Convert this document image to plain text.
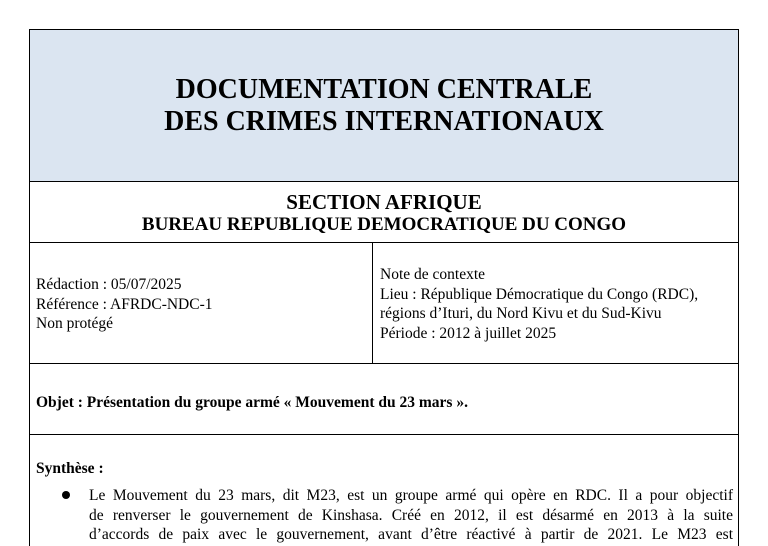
DOCUMENTATION CENTRALE
DES CRIMES INTERNATIONAUX
SECTION AFRIQUE
BUREAU REPUBLIQUE DEMOCRATIQUE DU CONGO
Rédaction : 05/07/2025
Référence : AFRDC-NDC-1
Non protégé
Note de contexte
Lieu : République Démocratique du Congo (RDC),
régions d’Ituri, du Nord Kivu et du Sud-Kivu
Période : 2012 à juillet 2025
Objet : Présentation du groupe armé « Mouvement du 23 mars ».
Synthèse :
Le Mouvement du 23 mars, dit M23, est un groupe armé qui opère en RDC. Il a pour objectif
de renverser le gouvernement de Kinshasa. Créé en 2012, il est désarmé en 2013 à la suite
d’accords de paix avec le gouvernement, avant d’être réactivé à partir de 2021. Le M23 est
